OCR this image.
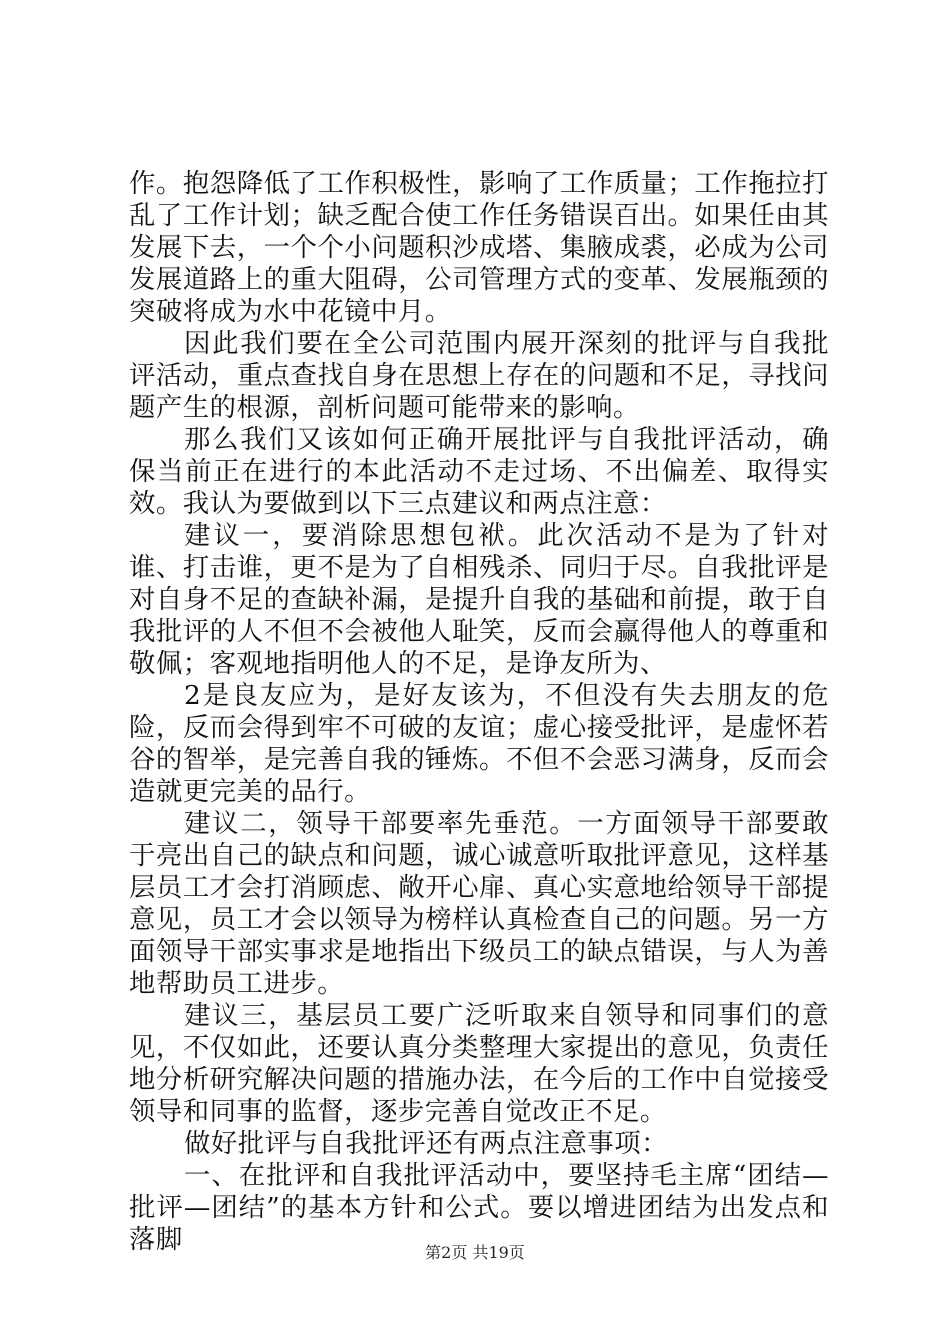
作。抱怨降低了工作积极性，影响了工作质量；工作拖拉打乱了工作计划；缺乏配合使工作任务错误百出。如果任由其发展下去，一个个小问题积沙成塔、集腋成裘，必成为公司发展道路上的重大阻碍，公司管理方式的变革、发展瓶颈的突破将成为水中花镜中月。

因此我们要在全公司范围内展开深刻的批评与自我批评活动，重点查找自身在思想上存在的问题和不足，寻找问题产生的根源，剖析问题可能带来的影响。

那么我们又该如何正确开展批评与自我批评活动，确保当前正在进行的本此活动不走过场、不出偏差、取得实效。我认为要做到以下三点建议和两点注意：

建议一，要消除思想包袱。此次活动不是为了针对谁、打击谁，更不是为了自相残杀、同归于尽。自我批评是对自身不足的查缺补漏，是提升自我的基础和前提，敢于自我批评的人不但不会被他人耻笑，反而会赢得他人的尊重和敬佩；客观地指明他人的不足，是诤友所为、

2是良友应为，是好友该为，不但没有失去朋友的危险，反而会得到牢不可破的友谊；虚心接受批评，是虚怀若谷的智举，是完善自我的锤炼。不但不会恶习满身，反而会造就更完美的品行。

建议二，领导干部要率先垂范。一方面领导干部要敢于亮出自己的缺点和问题，诚心诚意听取批评意见，这样基层员工才会打消顾虑、敞开心扉、真心实意地给领导干部提意见，员工才会以领导为榜样认真检查自己的问题。另一方面领导干部实事求是地指出下级员工的缺点错误，与人为善地帮助员工进步。

建议三，基层员工要广泛听取来自领导和同事们的意见，不仅如此，还要认真分类整理大家提出的意见，负责任地分析研究解决问题的措施办法，在今后的工作中自觉接受领导和同事的监督，逐步完善自觉改正不足。

做好批评与自我批评还有两点注意事项：

一、在批评和自我批评活动中，要坚持毛主席“团结—批评—团结”的基本方针和公式。要以增进团结为出发点和落脚	第2页 共19页
